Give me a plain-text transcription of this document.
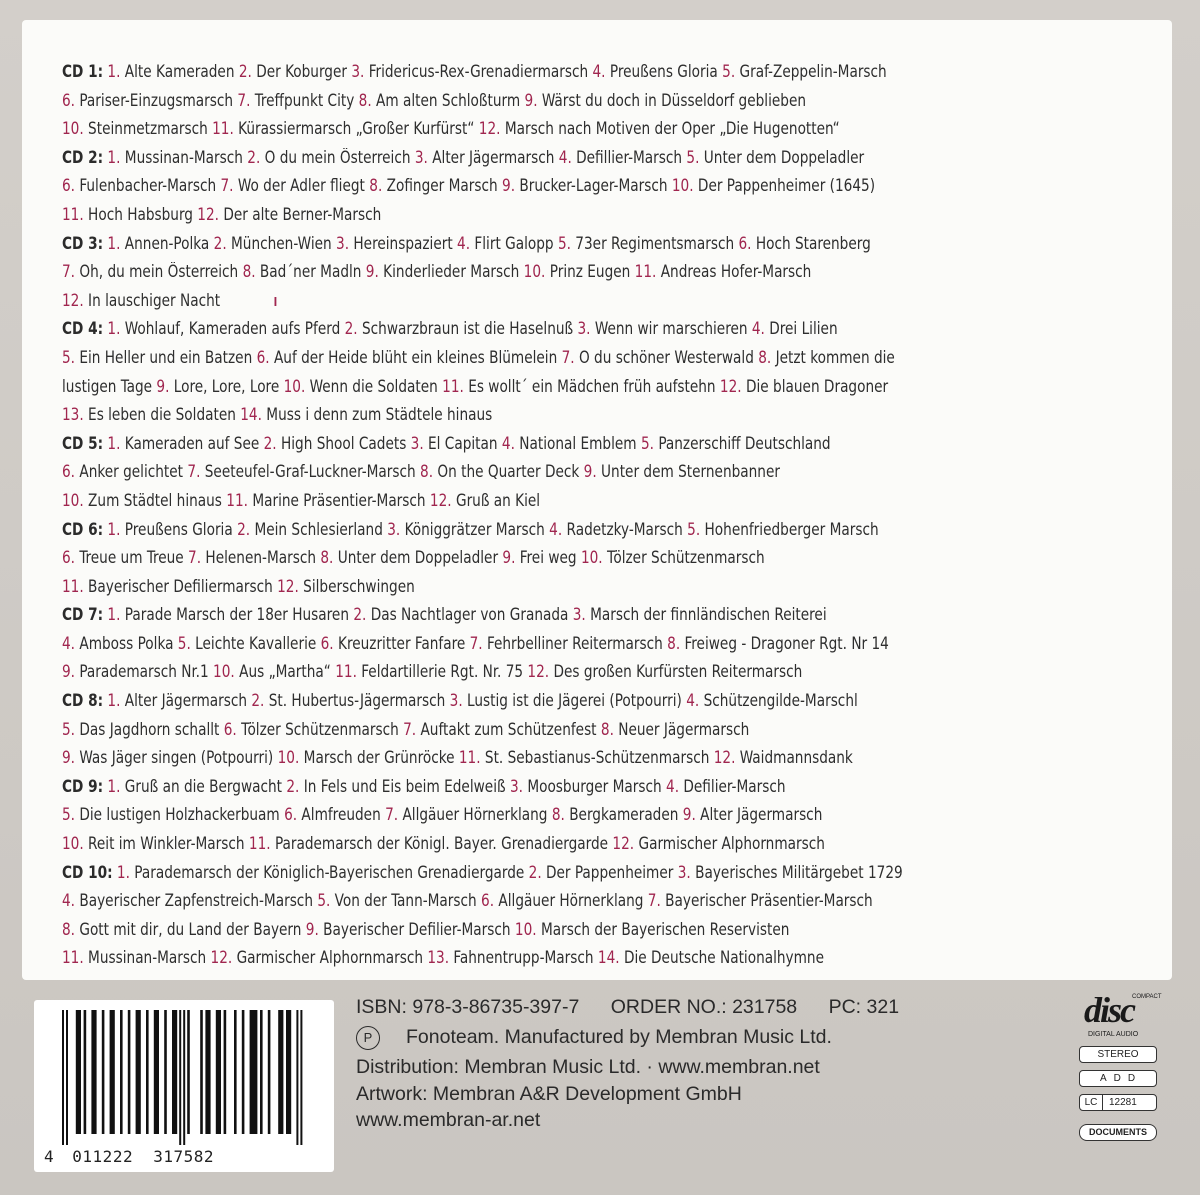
CD 1: 1. Alte Kameraden 2. Der Koburger 3. Fridericus-Rex-Grenadiermarsch 4. Preußens Gloria 5. Graf-Zeppelin-Marsch
6. Pariser-Einzugsmarsch 7. Treffpunkt City 8. Am alten Schloßturm 9. Wärst du doch in Düsseldorf geblieben
10. Steinmetzmarsch 11. Kürassiermarsch „Großer Kurfürst“ 12. Marsch nach Motiven der Oper „Die Hugenotten“
CD 2: 1. Mussinan-Marsch 2. O du mein Österreich 3. Alter Jägermarsch 4. Defillier-Marsch 5. Unter dem Doppeladler
6. Fulenbacher-Marsch 7. Wo der Adler fliegt 8. Zofinger Marsch 9. Brucker-Lager-Marsch 10. Der Pappenheimer (1645)
11. Hoch Habsburg 12. Der alte Berner-Marsch
CD 3: 1. Annen-Polka 2. München-Wien 3. Hereinspaziert 4. Flirt Galopp 5. 73er Regimentsmarsch 6. Hoch Starenberg
7. Oh, du mein Österreich 8. Bad´ner Madln 9. Kinderlieder Marsch 10. Prinz Eugen 11. Andreas Hofer-Marsch
12. In lauschiger Nacht
CD 4: 1. Wohlauf, Kameraden aufs Pferd 2. Schwarzbraun ist die Haselnuß 3. Wenn wir marschieren 4. Drei Lilien
5. Ein Heller und ein Batzen 6. Auf der Heide blüht ein kleines Blümelein 7. O du schöner Westerwald 8. Jetzt kommen die
lustigen Tage 9. Lore, Lore, Lore 10. Wenn die Soldaten 11. Es wollt´ ein Mädchen früh aufstehn 12. Die blauen Dragoner
13. Es leben die Soldaten 14. Muss i denn zum Städtele hinaus
CD 5: 1. Kameraden auf See 2. High Shool Cadets 3. El Capitan 4. National Emblem 5. Panzerschiff Deutschland
6. Anker gelichtet 7. Seeteufel-Graf-Luckner-Marsch 8. On the Quarter Deck 9. Unter dem Sternenbanner
10. Zum Städtel hinaus 11. Marine Präsentier-Marsch 12. Gruß an Kiel
CD 6: 1. Preußens Gloria 2. Mein Schlesierland 3. Königgrätzer Marsch 4. Radetzky-Marsch 5. Hohenfriedberger Marsch
6. Treue um Treue 7. Helenen-Marsch 8. Unter dem Doppeladler 9. Frei weg 10. Tölzer Schützenmarsch
11. Bayerischer Defiliermarsch 12. Silberschwingen
CD 7: 1. Parade Marsch der 18er Husaren 2. Das Nachtlager von Granada 3. Marsch der finnländischen Reiterei
4. Amboss Polka 5. Leichte Kavallerie 6. Kreuzritter Fanfare 7. Fehrbelliner Reitermarsch 8. Freiweg - Dragoner Rgt. Nr 14
9. Parademarsch Nr.1 10. Aus „Martha“ 11. Feldartillerie Rgt. Nr. 75 12. Des großen Kurfürsten Reitermarsch
CD 8: 1. Alter Jägermarsch 2. St. Hubertus-Jägermarsch 3. Lustig ist die Jägerei (Potpourri) 4. Schützengilde-Marschl
5. Das Jagdhorn schallt 6. Tölzer Schützenmarsch 7. Auftakt zum Schützenfest 8. Neuer Jägermarsch
9. Was Jäger singen (Potpourri) 10. Marsch der Grünröcke 11. St. Sebastianus-Schützenmarsch 12. Waidmannsdank
CD 9: 1. Gruß an die Bergwacht 2. In Fels und Eis beim Edelweiß 3. Moosburger Marsch 4. Defilier-Marsch
5. Die lustigen Holzhackerbuam 6. Almfreuden 7. Allgäuer Hörnerklang 8. Bergkameraden 9. Alter Jägermarsch
10. Reit im Winkler-Marsch 11. Parademarsch der Königl. Bayer. Grenadiergarde 12. Garmischer Alphornmarsch
CD 10: 1. Parademarsch der Königlich-Bayerischen Grenadiergarde 2. Der Pappenheimer 3. Bayerisches Militärgebet 1729
4. Bayerischer Zapfenstreich-Marsch 5. Von der Tann-Marsch 6. Allgäuer Hörnerklang 7. Bayerischer Präsentier-Marsch
8. Gott mit dir, du Land der Bayern 9. Bayerischer Defilier-Marsch 10. Marsch der Bayerischen Reservisten
11. Mussinan-Marsch 12. Garmischer Alphornmarsch 13. Fahnentrupp-Marsch 14. Die Deutsche Nationalhymne
4 011222 317582
ISBN: 978-3-86735-397-7 ORDER NO.: 231758 PC: 321
P Fonoteam. Manufactured by Membran Music Ltd.
Distribution: Membran Music Ltd. · www.membran.net
Artwork: Membran A&R Development GmbH
www.membran-ar.net
disc
COMPACT
DIGITAL AUDIO
STEREO
ADD
LC 12281
DOCUMENTS
